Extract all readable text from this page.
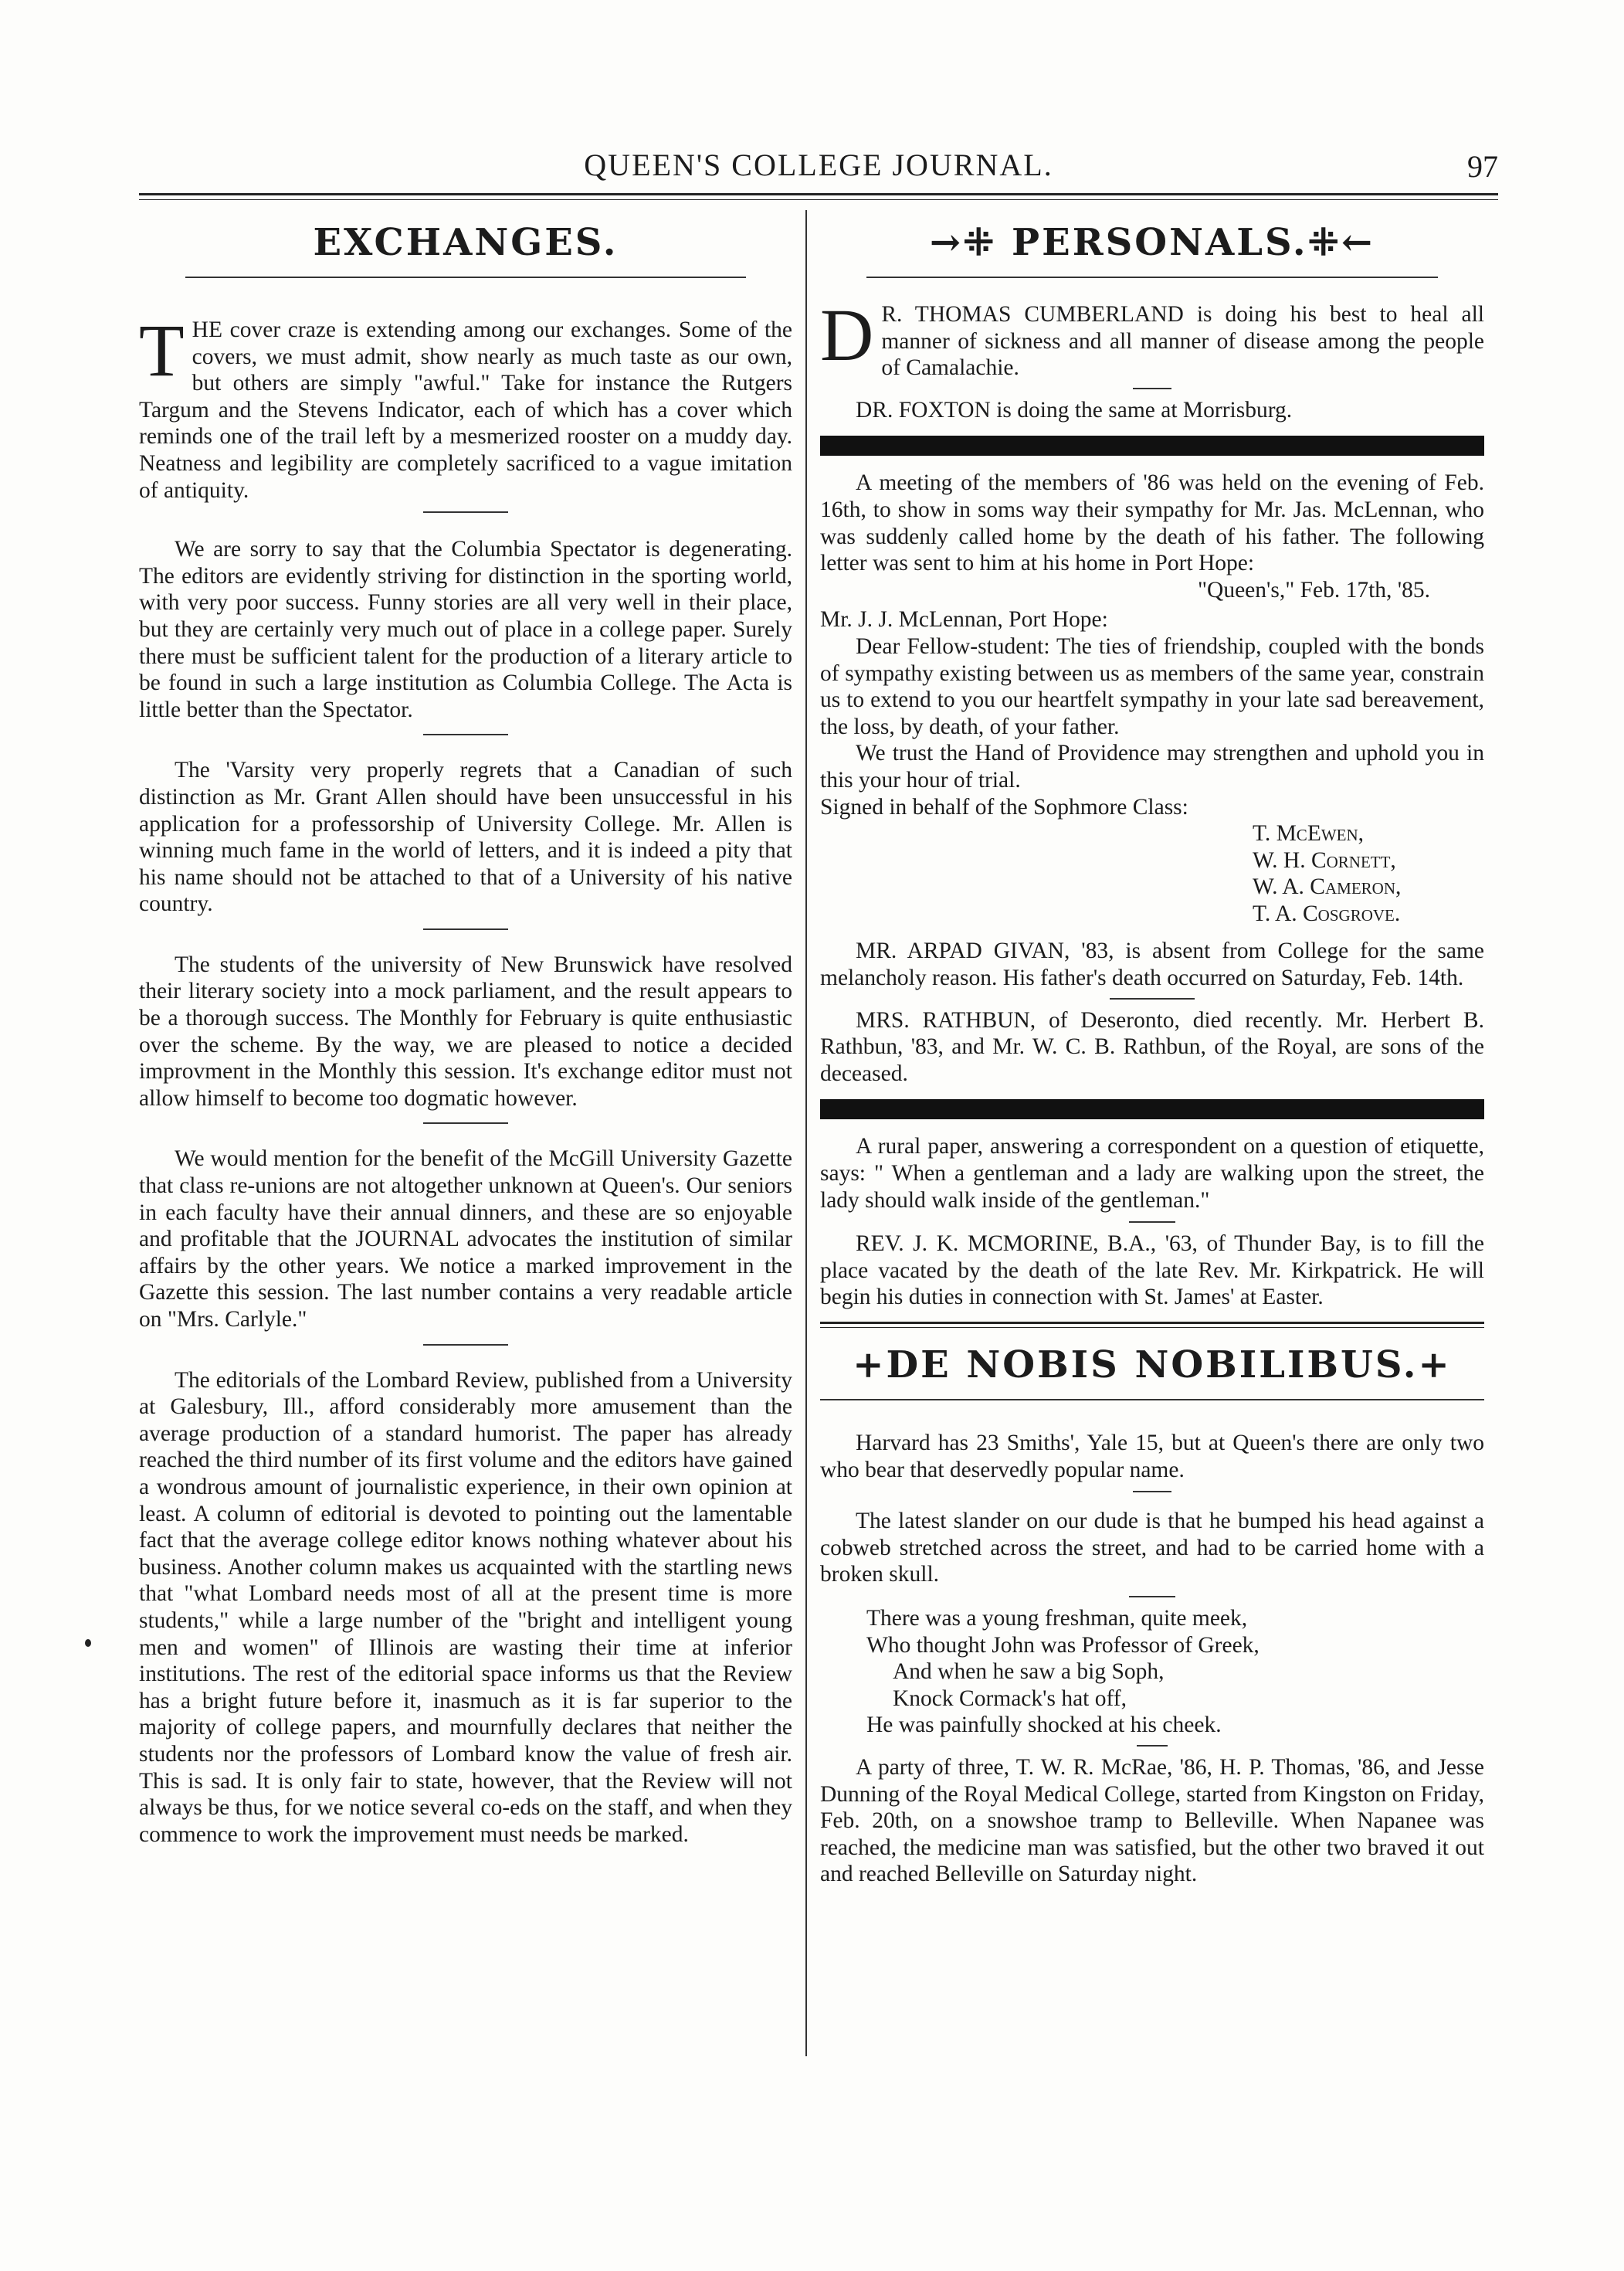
QUEEN'S COLLEGE JOURNAL.	97
EXCHANGES.

THE cover craze is extending among our exchanges. Some of the covers, we must admit, show nearly as much taste as our own, but others are simply "awful." Take for instance the Rutgers Targum and the Stevens Indicator, each of which has a cover which reminds one of the trail left by a mesmerized rooster on a muddy day. Neatness and legibility are completely sacrificed to a vague imitation of antiquity.

We are sorry to say that the Columbia Spectator is degenerating. The editors are evidently striving for distinction in the sporting world, with very poor success. Funny stories are all very well in their place, but they are certainly very much out of place in a college paper. Surely there must be sufficient talent for the production of a literary article to be found in such a large institution as Columbia College. The Acta is little better than the Spectator.

The 'Varsity very properly regrets that a Canadian of such distinction as Mr. Grant Allen should have been unsuccessful in his application for a professorship of University College. Mr. Allen is winning much fame in the world of letters, and it is indeed a pity that his name should not be attached to that of a University of his native country.

The students of the university of New Brunswick have resolved their literary society into a mock parliament, and the result appears to be a thorough success. The Monthly for February is quite enthusiastic over the scheme. By the way, we are pleased to notice a decided improvment in the Monthly this session. It's exchange editor must not allow himself to become too dogmatic however.

We would mention for the benefit of the McGill University Gazette that class re-unions are not altogether unknown at Queen's. Our seniors in each faculty have their annual dinners, and these are so enjoyable and profitable that the JOURNAL advocates the institution of similar affairs by the other years. We notice a marked improvement in the Gazette this session. The last number contains a very readable article on "Mrs. Carlyle."

The editorials of the Lombard Review, published from a University at Galesbury, Ill., afford considerably more amusement than the average production of a standard humorist. The paper has already reached the third number of its first volume and the editors have gained a wondrous amount of journalistic experience, in their own opinion at least. A column of editorial is devoted to pointing out the lamentable fact that the average college editor knows nothing whatever about his business. Another column makes us acquainted with the startling news that "what Lombard needs most of all at the present time is more students," while a large number of the "bright and intelligent young men and women" of Illinois are wasting their time at inferior institutions. The rest of the editorial space informs us that the Review has a bright future before it, inasmuch as it is far superior to the majority of college papers, and mournfully declares that neither the students nor the professors of Lombard know the value of fresh air. This is sad. It is only fair to state, however, that the Review will not always be thus, for we notice several co-eds on the staff, and when they commence to work the improvement must needs be marked.

→⁜ PERSONALS.⁜←

D R. THOMAS CUMBERLAND is doing his best to heal all manner of sickness and all manner of disease among the people of Camalachie.

DR. FOXTON is doing the same at Morrisburg.

A meeting of the members of '86 was held on the evening of Feb. 16th, to show in soms way their sympathy for Mr. Jas. McLennan, who was suddenly called home by the death of his father. The following letter was sent to him at his home in Port Hope:

"Queen's," Feb. 17th, '85.

Mr. J. J. McLennan, Port Hope:

Dear Fellow-student: The ties of friendship, coupled with the bonds of sympathy existing between us as members of the same year, constrain us to extend to you our heartfelt sympathy in your late sad bereavement, the loss, by death, of your father.

We trust the Hand of Providence may strengthen and uphold you in this your hour of trial.

Signed in behalf of the Sophmore Class:

T. McEwen,
W. H. Cornett,
W. A. Cameron,
T. A. Cosgrove.

MR. ARPAD GIVAN, '83, is absent from College for the same melancholy reason. His father's death occurred on Saturday, Feb. 14th.

MRS. RATHBUN, of Deseronto, died recently. Mr. Herbert B. Rathbun, '83, and Mr. W. C. B. Rathbun, of the Royal, are sons of the deceased.

A rural paper, answering a correspondent on a question of etiquette, says: " When a gentleman and a lady are walking upon the street, the lady should walk inside of the gentleman."

REV. J. K. MCMORINE, B.A., '63, of Thunder Bay, is to fill the place vacated by the death of the late Rev. Mr. Kirkpatrick. He will begin his duties in connection with St. James' at Easter.

+DE NOBIS NOBILIBUS.+

Harvard has 23 Smiths', Yale 15, but at Queen's there are only two who bear that deservedly popular name.

The latest slander on our dude is that he bumped his head against a cobweb stretched across the street, and had to be carried home with a broken skull.

There was a young freshman, quite meek,
Who thought John was Professor of Greek,
And when he saw a big Soph,
Knock Cormack's hat off,
He was painfully shocked at his cheek.

A party of three, T. W. R. McRae, '86, H. P. Thomas, '86, and Jesse Dunning of the Royal Medical College, started from Kingston on Friday, Feb. 20th, on a snowshoe tramp to Belleville. When Napanee was reached, the medicine man was satisfied, but the other two braved it out and reached Belleville on Saturday night.
